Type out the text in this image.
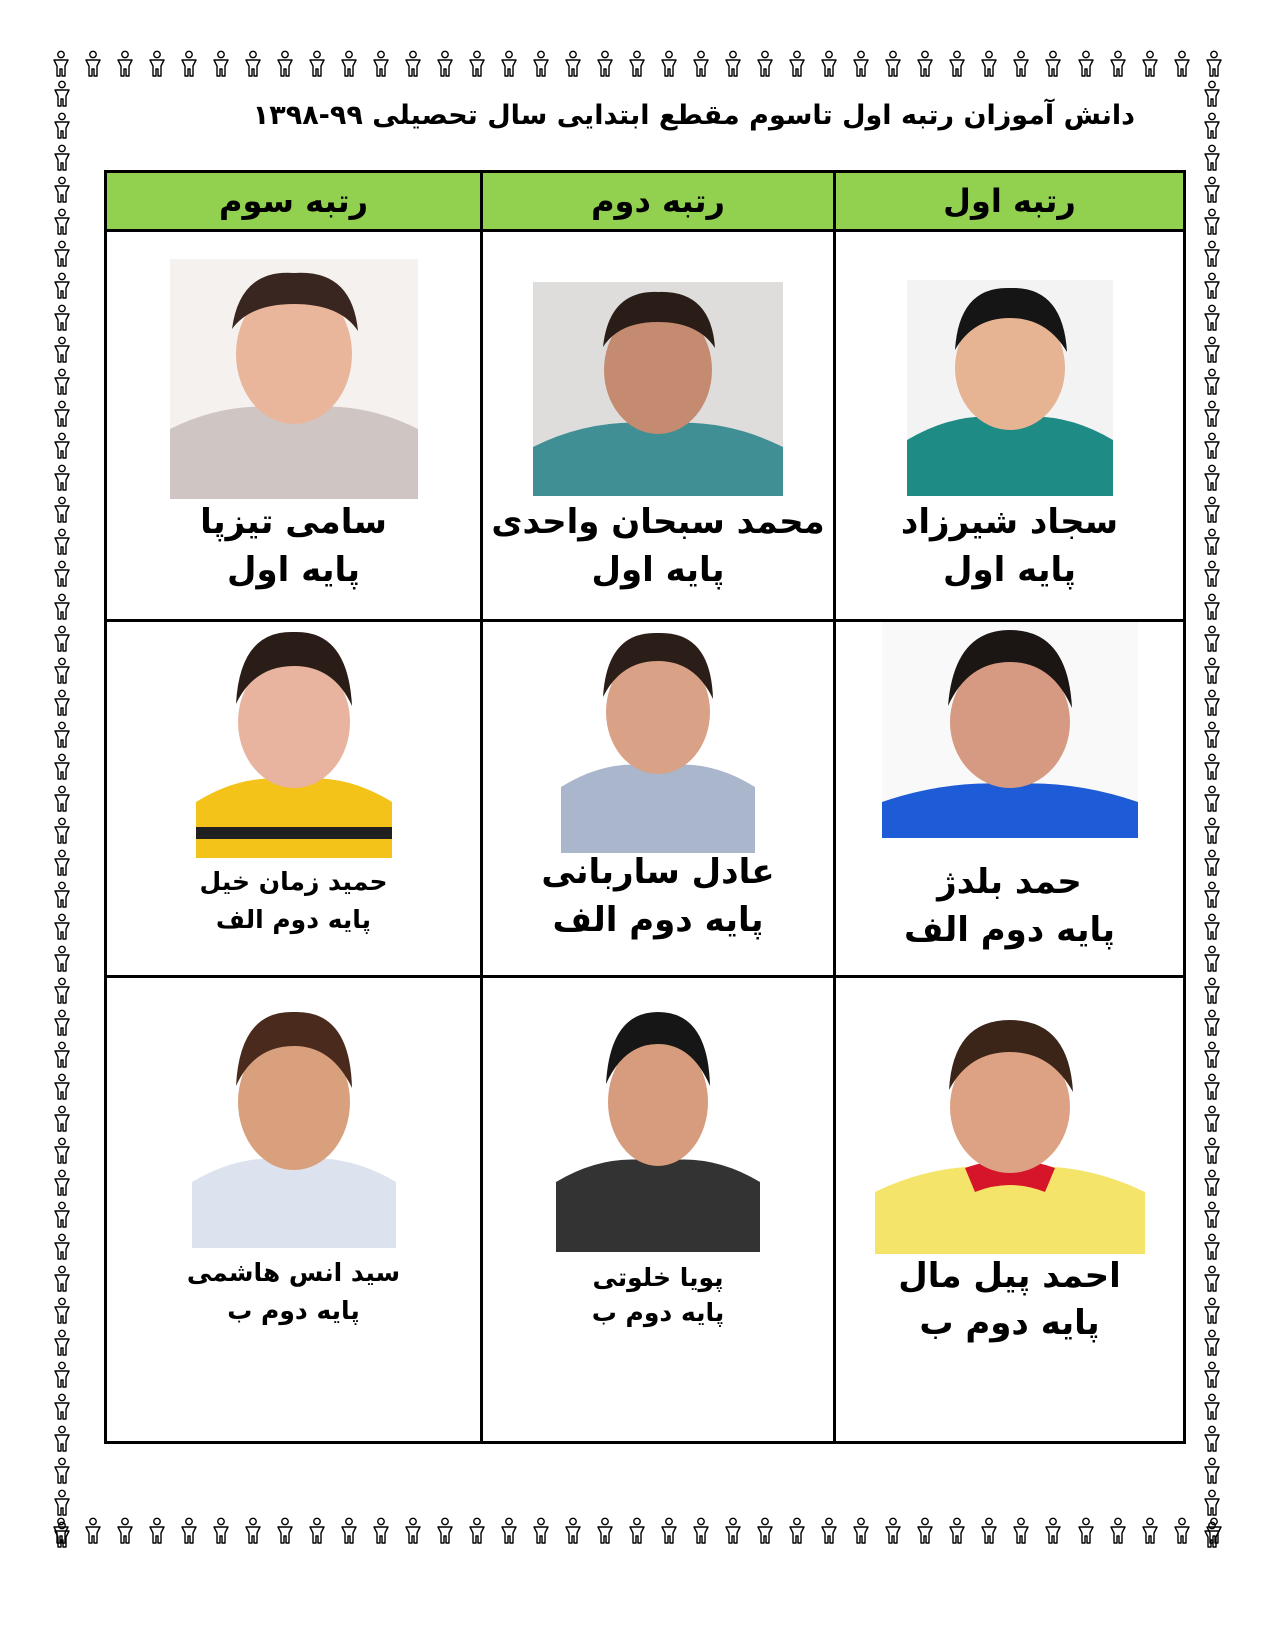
دانش آموزان رتبه اول تاسوم مقطع ابتدایی سال تحصیلی ۹۹-۱۳۹۸
رتبه سوم	رتبه دوم	رتبه اول
سامی تیزپا
پایه اول
محمد سبحان واحدی
پایه اول
سجاد شیرزاد
پایه اول
حمید زمان خیل
پایه دوم الف
عادل ساربانی
پایه دوم الف
حمد بلدژ
پایه دوم الف
سید انس هاشمی
پایه دوم ب
پویا خلوتی
پایه دوم ب
احمد پیل مال
پایه دوم ب
